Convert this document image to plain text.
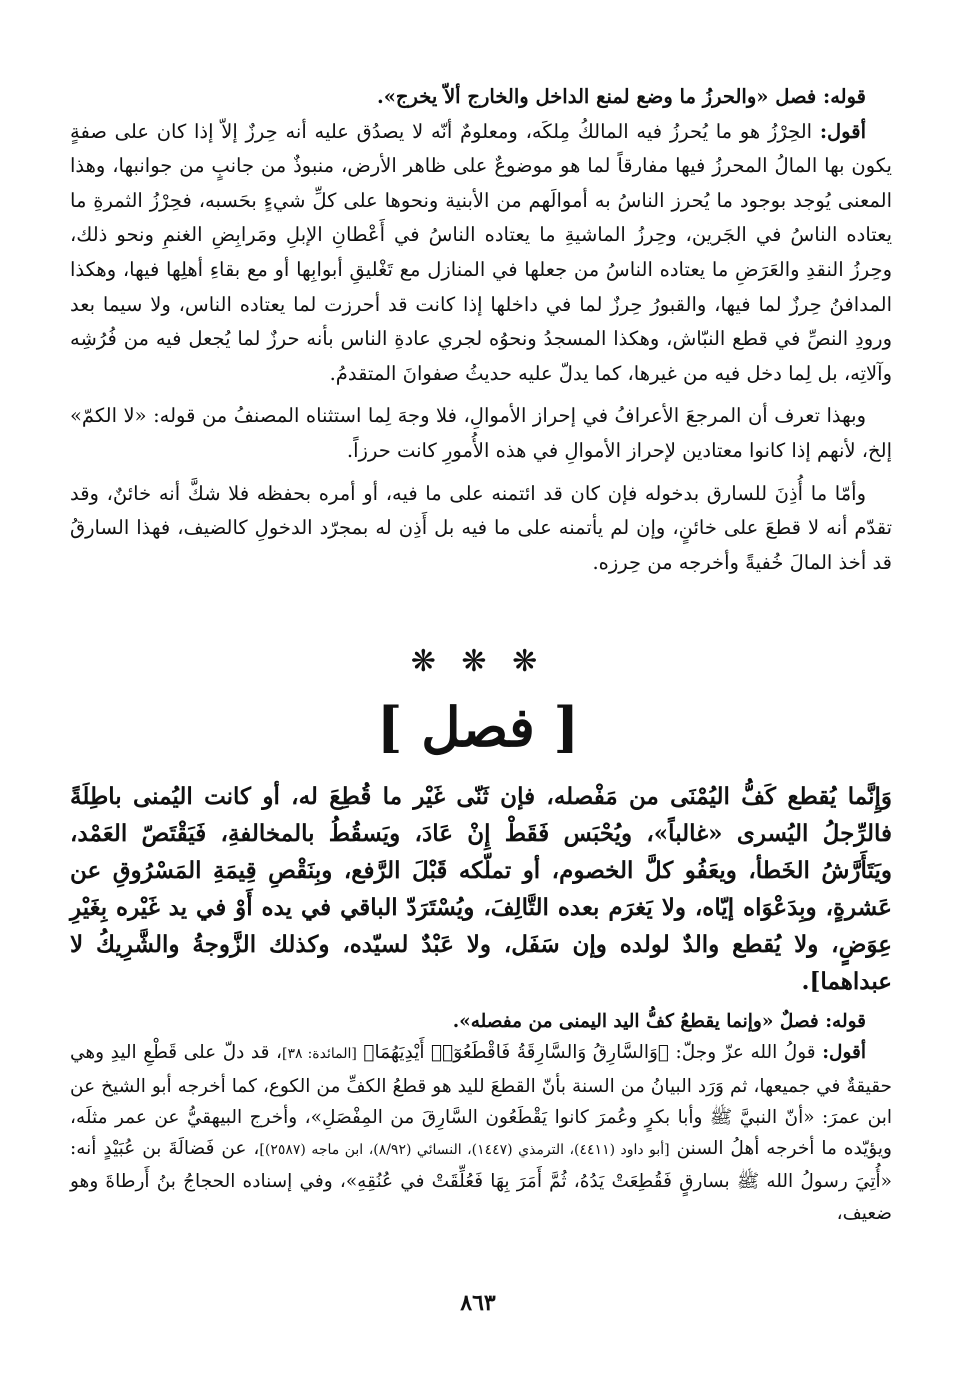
قوله: فصل «والحرزُ ما وضع لمنع الداخل والخارج ألاّ يخرج».

أقول: الحِرْزُ هو ما يُحرزُ فيه المالكُ مِلكَه، ومعلومٌ أنّه لا يصدُق عليه أنه حِرزٌ إلاّ إذا كان على صفةٍ يكون بها المالُ المحرزُ فيها مفارقاً لما هو موضوعٌ على ظاهر الأرض، منبوذٌ من جانبٍ من جوانبها، وهذا المعنى يُوجد بوجود ما يُحرز الناسُ به أموالَهم من الأبنية ونحوها على كلِّ شيءٍ بحَسبه، فحِرْزُ الثمرةِ ما يعتاده الناسُ في الجَرين، وحِرزُ الماشيةِ ما يعتاده الناسُ في أَعْطانِ الإبلِ ومَرابِضِ الغنمِ ونحو ذلك، وحِرزُ النقدِ والعَرَضِ ما يعتاده الناسُ من جعلها في المنازل مع تَغْليقِ أبوابِها أو مع بقاءِ أهلِها فيها، وهكذا المدافنُ حِرزٌ لما فيها، والقبورُ حِرزٌ لما في داخلها إذا كانت قد أحرزت لما يعتاده الناس، ولا سيما بعد ورودِ النصِّ في قطع النبّاش، وهكذا المسجدُ ونحوُه لجري عادةِ الناس بأنه حرزٌ لما يُجعل فيه من فُرُشِه وآلاتِه، بل لِما دخل فيه من غيرها، كما يدلّ عليه حديثُ صفوانَ المتقدمُ.

وبهذا تعرف أن المرجعَ الأعرافُ في إحراز الأموالِ، فلا وجهَ لِما استثناه المصنفُ من قوله: «لا الكمّ» إلخ، لأنهم إذا كانوا معتادين لإحراز الأموالِ في هذه الأُمورِ كانت حرزاً.

وأمّا ما أُذِنَ للسارق بدخوله فإن كان قد ائتمنه على ما فيه، أو أمره بحفظه فلا شكَّ أنه خائنٌ، وقد تقدّم أنه لا قطعَ على خائنٍ، وإن لم يأتمنه على ما فيه بل أَذِن له بمجرّد الدخولِ كالضيف، فهذا السارقُ قد أخذ المالَ خُفيةً وأخرجه من حِرزه.

❋ ❋ ❋
[ فصل ]

وَإِنَّما يُقطع كَفُّ اليُمْنَى من مَفْصله، فإن ثَنّى غَيْر ما قُطِعَ له، أو كانت اليُمنى باطِلَةً فالرِّجلُ اليُسرى «غالباً»، ويُحْبَس فَقَطْ إِنْ عَادَ، ويَسقُطُ بالمخالفةِ، فَيَقْتَصّ العَمْد، ويَتَأَرَّشُ الخَطأ، ويعَفُو كلَّ الخصوم، أو تملّكه قَبْلَ الرَّفع، وبِنَقْصِ قِيمَةِ المَسْرُوقِ عن عَشرةٍ، وبِدَعْوَاه إيّاه، ولا يَغرَم بعده التَّالِفَ، ويُسْتَرَدّ الباقي في يده أَوْ في يد غَيْره بِغَيْرِ عِوَضٍ، ولا يُقطع والدٌ لولده وإن سَفَل، ولا عَبْدٌ لسيّده، وكذلك الزَّوجةُ والشَّرِيكُ لا عبداهما].

قوله: فصلٌ «وإنما يقطعُ كفُّ اليد اليمنى من مفصله».

أقول: قولُ الله عزّ وجلّ: ﴿وَالسَّارِقُ وَالسَّارِقَةُ فَاقْطَعُوٓا۟ أَيْدِيَهُمَا﴾ [المائدة: ٣٨]، قد دلّ على قَطْعِ اليدِ وهي حقيقةٌ في جميعها، ثم وَرَد البيانُ من السنة بأنّ القطعَ لليد هو قطعُ الكفِّ من الكوع، كما أخرجه أبو الشيخ عن ابن عمرَ: «أنّ النبيَّ ﷺ وأبا بكرٍ وعُمرَ كانوا يَقْطَعُون السَّارِقَ من المِفْصَلِ»، وأخرج البيهقيُّ عن عمر مثلَه، ويؤيّده ما أخرجه أهلُ السنن [أبو داود (٤٤١١)، الترمذي (١٤٤٧)، النسائي (٨/٩٢)، ابن ماجه (٢٥٨٧)]، عن فَضالَةَ بن عُبَيْدٍ أنه: «أُتِيَ رسولُ الله ﷺ بسارقٍ فَقُطِعَتْ يَدُهُ، ثُمَّ أَمَرَ بِهَا فَعُلِّقَتْ في عُنُقِهِ»، وفي إسناده الحجاجُ بنُ أَرطاةَ وهو ضعيف،

٨٦٣
